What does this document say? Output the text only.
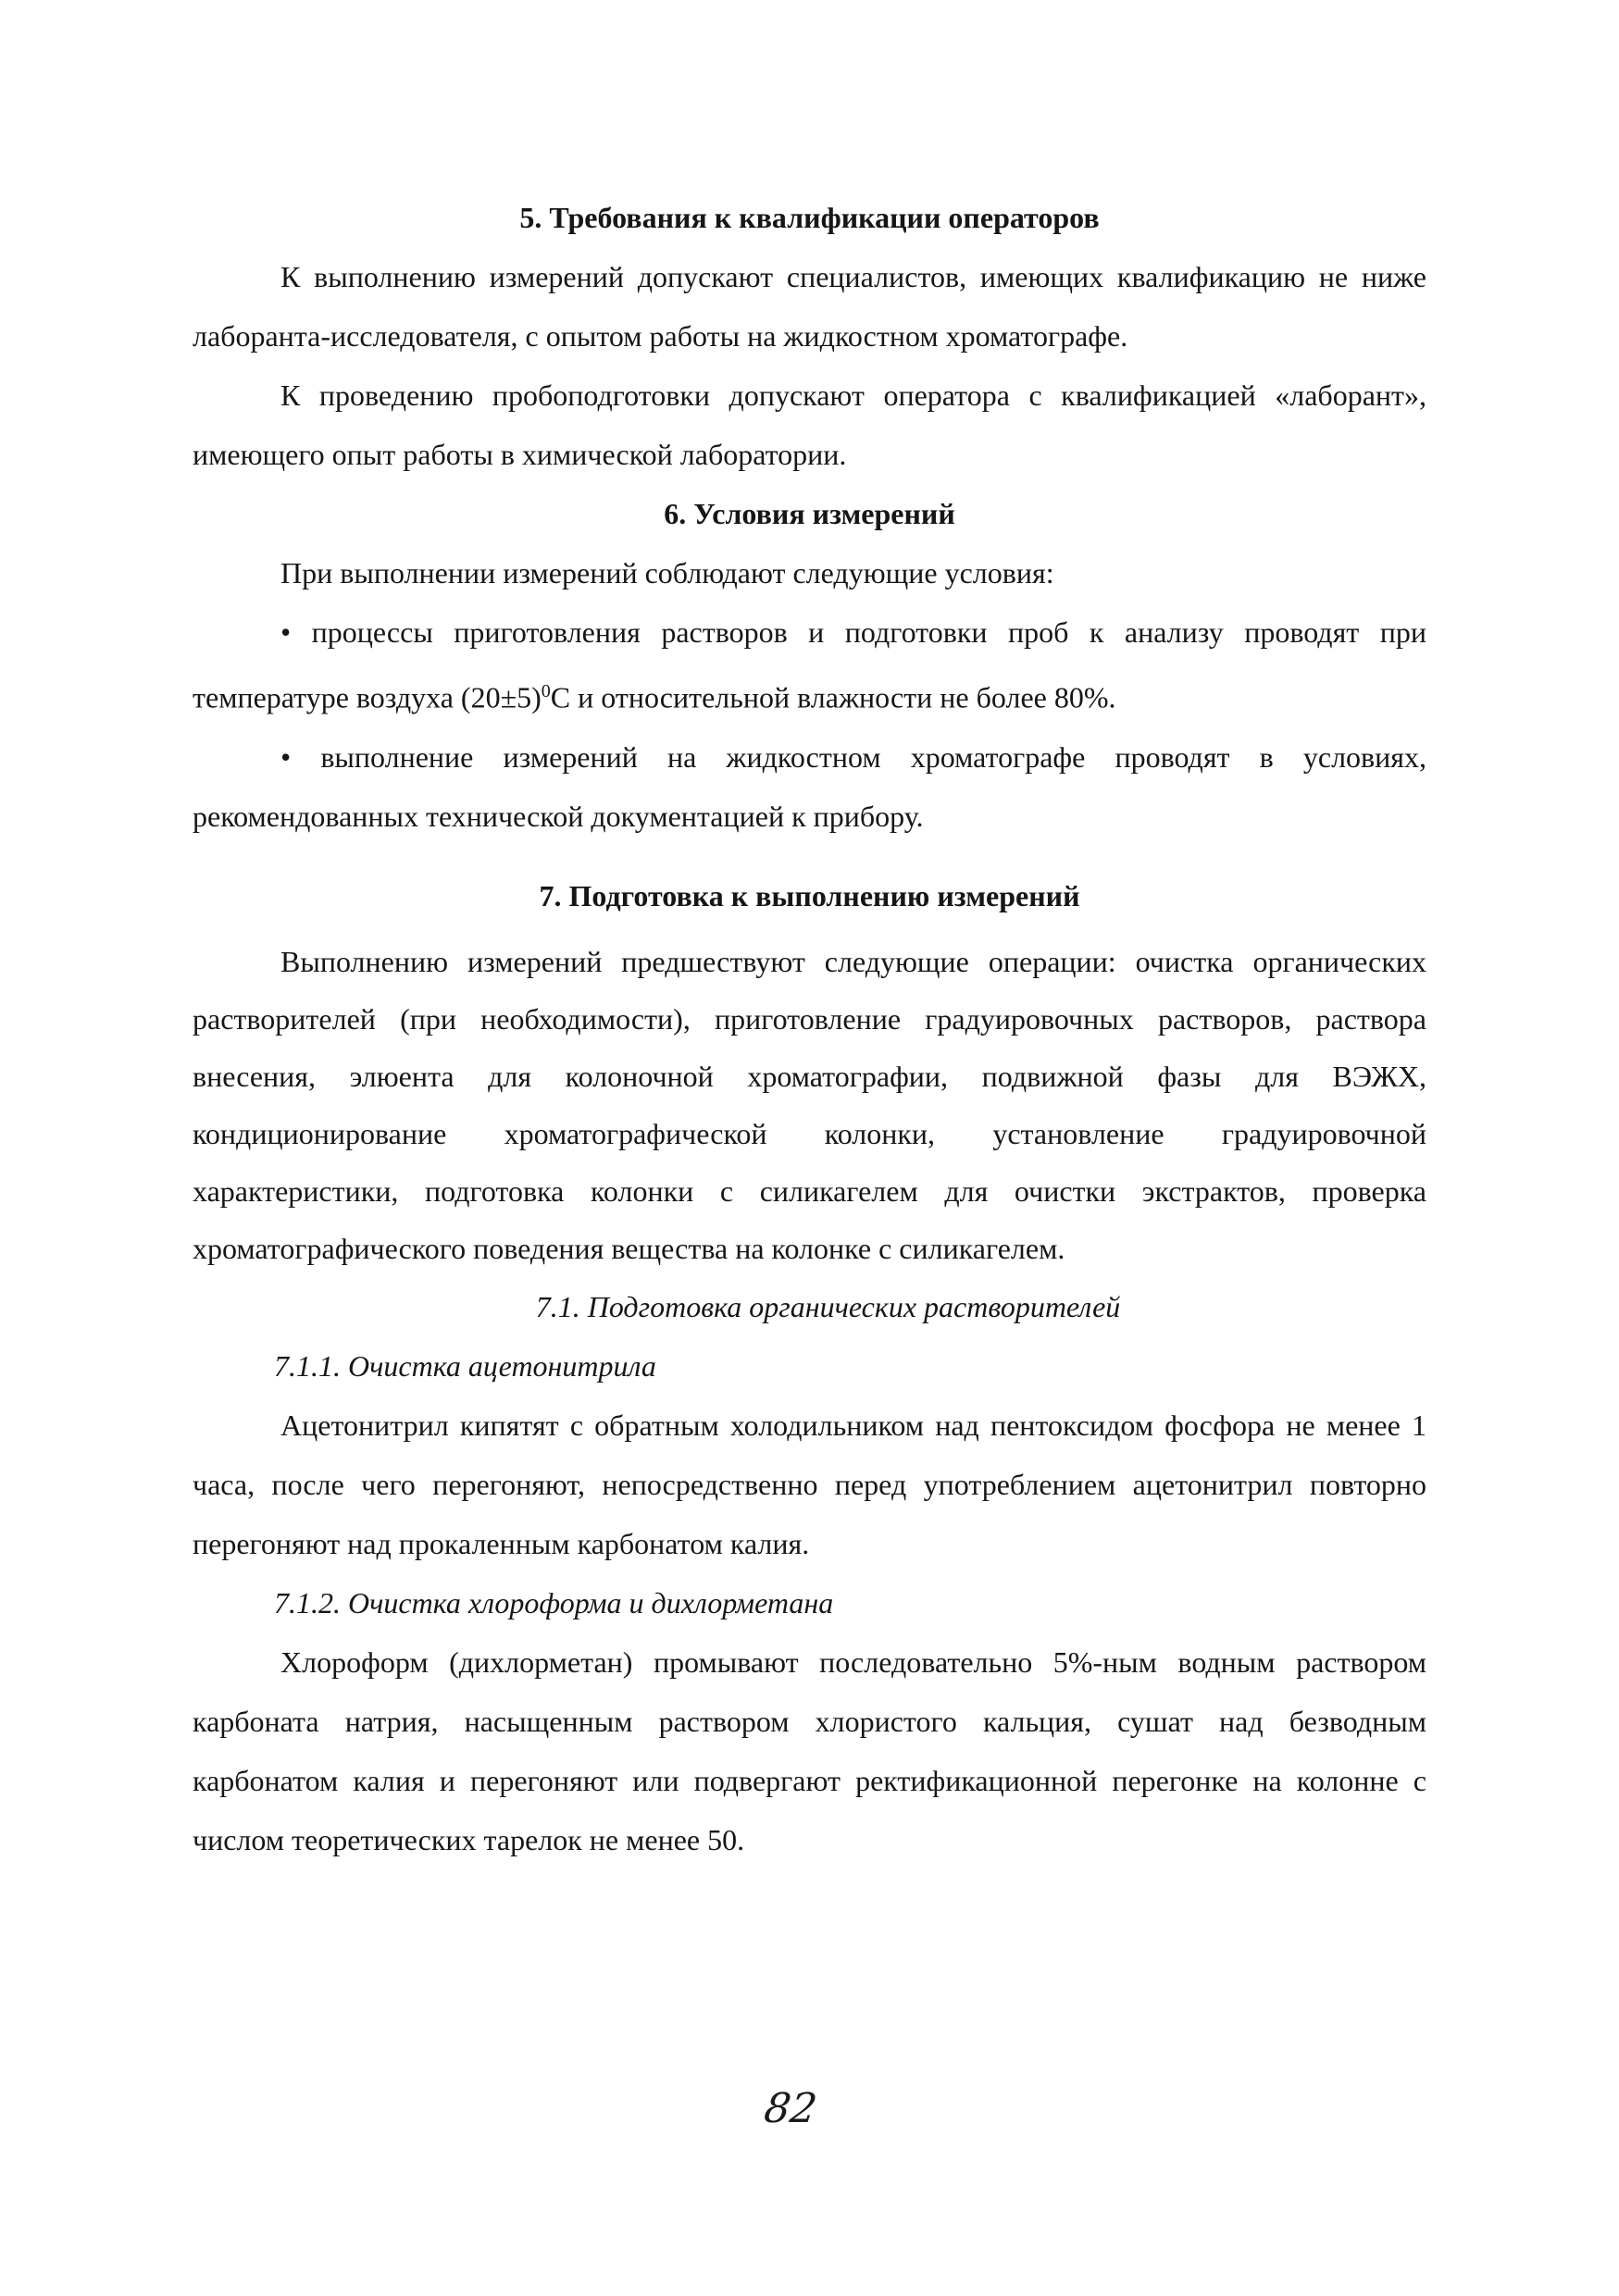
5. Требования к квалификации операторов

К выполнению измерений допускают специалистов, имеющих квалификацию не ниже лаборанта-исследователя, с опытом работы на жидкостном хроматографе.

К проведению пробоподготовки допускают оператора с квалификацией «лаборант», имеющего опыт работы в химической лаборатории.

6. Условия измерений

При выполнении измерений соблюдают следующие условия:

• процессы приготовления растворов и подготовки проб к анализу проводят при температуре воздуха $(20\pm 5)^0С$ и относительной влажности не более 80%.

• выполнение измерений на жидкостном хроматографе проводят в условиях, рекомендованных технической документацией к прибору.

7. Подготовка к выполнению измерений

Выполнению измерений предшествуют следующие операции: очистка органических растворителей (при необходимости), приготовление градуировочных растворов, раствора внесения, элюента для колоночной хроматографии, подвижной фазы для ВЭЖХ, кондиционирование хроматографической колонки, установление градуировочной характеристики, подготовка колонки с силикагелем для очистки экстрактов, проверка хроматографического поведения вещества на колонке с силикагелем.

7.1. Подготовка органических растворителей
7.1.1. Очистка ацетонитрила

Ацетонитрил кипятят с обратным холодильником над пентоксидом фосфора не менее 1 часа, после чего перегоняют, непосредственно перед употреблением ацетонитрил повторно перегоняют над прокаленным карбонатом калия.

7.1.2. Очистка хлороформа и дихлорметана

Хлороформ (дихлорметан) промывают последовательно 5%-ным водным раствором карбоната натрия, насыщенным раствором хлористого кальция, сушат над безводным карбонатом калия и перегоняют или подвергают ректификационной перегонке на колонне с числом теоретических тарелок не менее 50.

82
